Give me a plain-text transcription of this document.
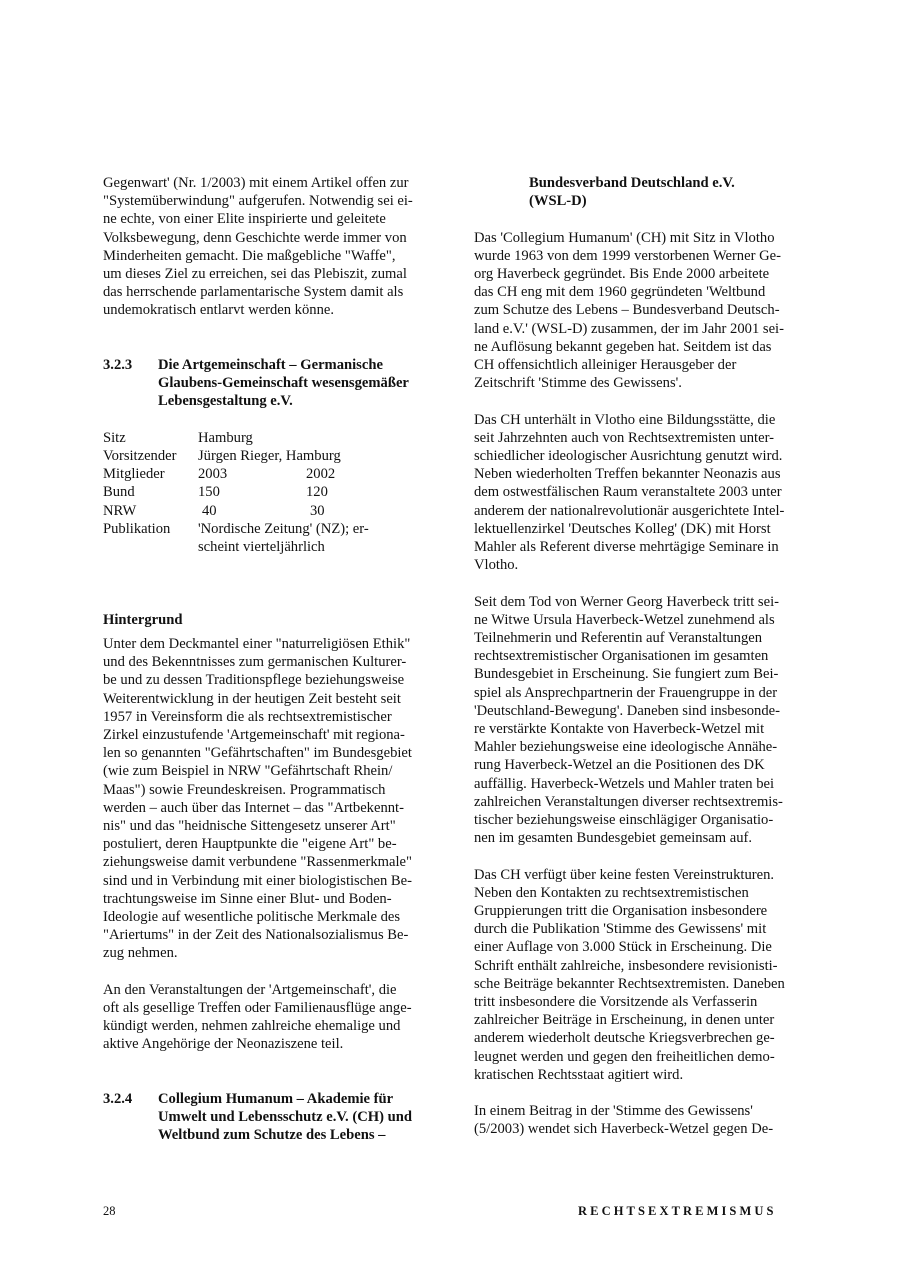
Gegenwart' (Nr. 1/2003) mit einem Artikel offen zur
"Systemüberwindung" aufgerufen. Notwendig sei ei-
ne echte, von einer Elite inspirierte und geleitete
Volksbewegung, denn Geschichte werde immer von
Minderheiten gemacht. Die maßgebliche "Waffe",
um dieses Ziel zu erreichen, sei das Plebiszit, zumal
das herrschende parlamentarische System damit als
undemokratisch entlarvt werden könne.

3.2.3	Die Artgemeinschaft – Germanische
Glaubens-Gemeinschaft wesensgemäßer
Lebensgestaltung e.V.
Sitz	Hamburg	
Vorsitzender	Jürgen Rieger, Hamburg	
Mitglieder	2003	2002
Bund	150	120
NRW	40	30
Publikation	'Nordische Zeitung' (NZ); er-
scheint vierteljährlich	
Hintergrund

Unter dem Deckmantel einer "naturreligiösen Ethik"
und des Bekenntnisses zum germanischen Kulturer-
be und zu dessen Traditionspflege beziehungsweise
Weiterentwicklung in der heutigen Zeit besteht seit
1957 in Vereinsform die als rechtsextremistischer
Zirkel einzustufende 'Artgemeinschaft' mit regiona-
len so genannten "Gefährtschaften" im Bundesgebiet
(wie zum Beispiel in NRW "Gefährtschaft Rhein/
Maas") sowie Freundeskreisen. Programmatisch
werden – auch über das Internet – das "Artbekennt-
nis" und das "heidnische Sittengesetz unserer Art"
postuliert, deren Hauptpunkte die "eigene Art" be-
ziehungsweise damit verbundene "Rassenmerkmale"
sind und in Verbindung mit einer biologistischen Be-
trachtungsweise im Sinne einer Blut- und Boden-
Ideologie auf wesentliche politische Merkmale des
"Ariertums" in der Zeit des Nationalsozialismus Be-
zug nehmen.

An den Veranstaltungen der 'Artgemeinschaft', die
oft als gesellige Treffen oder Familienausflüge ange-
kündigt werden, nehmen zahlreiche ehemalige und
aktive Angehörige der Neonaziszene teil.

3.2.4	Collegium Humanum – Akademie für
Umwelt und Lebensschutz e.V. (CH) und
Weltbund zum Schutze des Lebens –
Bundesverband Deutschland e.V.
(WSL-D)

Das 'Collegium Humanum' (CH) mit Sitz in Vlotho
wurde 1963 von dem 1999 verstorbenen Werner Ge-
org Haverbeck gegründet. Bis Ende 2000 arbeitete
das CH eng mit dem 1960 gegründeten 'Weltbund
zum Schutze des Lebens – Bundesverband Deutsch-
land e.V.' (WSL-D) zusammen, der im Jahr 2001 sei-
ne Auflösung bekannt gegeben hat. Seitdem ist das
CH offensichtlich alleiniger Herausgeber der
Zeitschrift 'Stimme des Gewissens'.

Das CH unterhält in Vlotho eine Bildungsstätte, die
seit Jahrzehnten auch von Rechtsextremisten unter-
schiedlicher ideologischer Ausrichtung genutzt wird.
Neben wiederholten Treffen bekannter Neonazis aus
dem ostwestfälischen Raum veranstaltete 2003 unter
anderem der nationalrevolutionär ausgerichtete Intel-
lektuellenzirkel 'Deutsches Kolleg' (DK) mit Horst
Mahler als Referent diverse mehrtägige Seminare in
Vlotho.

Seit dem Tod von Werner Georg Haverbeck tritt sei-
ne Witwe Ursula Haverbeck-Wetzel zunehmend als
Teilnehmerin und Referentin auf Veranstaltungen
rechtsextremistischer Organisationen im gesamten
Bundesgebiet in Erscheinung. Sie fungiert zum Bei-
spiel als Ansprechpartnerin der Frauengruppe in der
'Deutschland-Bewegung'. Daneben sind insbesonde-
re verstärkte Kontakte von Haverbeck-Wetzel mit
Mahler beziehungsweise eine ideologische Annähe-
rung Haverbeck-Wetzel an die Positionen des DK
auffällig. Haverbeck-Wetzels und Mahler traten bei
zahlreichen Veranstaltungen diverser rechtsextremis-
tischer beziehungsweise einschlägiger Organisatio-
nen im gesamten Bundesgebiet gemeinsam auf.

Das CH verfügt über keine festen Vereinstrukturen.
Neben den Kontakten zu rechtsextremistischen
Gruppierungen tritt die Organisation insbesondere
durch die Publikation 'Stimme des Gewissens' mit
einer Auflage von 3.000 Stück in Erscheinung. Die
Schrift enthält zahlreiche, insbesondere revisionisti-
sche Beiträge bekannter Rechtsextremisten. Daneben
tritt insbesondere die Vorsitzende als Verfasserin
zahlreicher Beiträge in Erscheinung, in denen unter
anderem wiederholt deutsche Kriegsverbrechen ge-
leugnet werden und gegen den freiheitlichen demo-
kratischen Rechtsstaat agitiert wird.

In einem Beitrag in der 'Stimme des Gewissens'
(5/2003) wendet sich Haverbeck-Wetzel gegen De-

28	RECHTSEXTREMISMUS
